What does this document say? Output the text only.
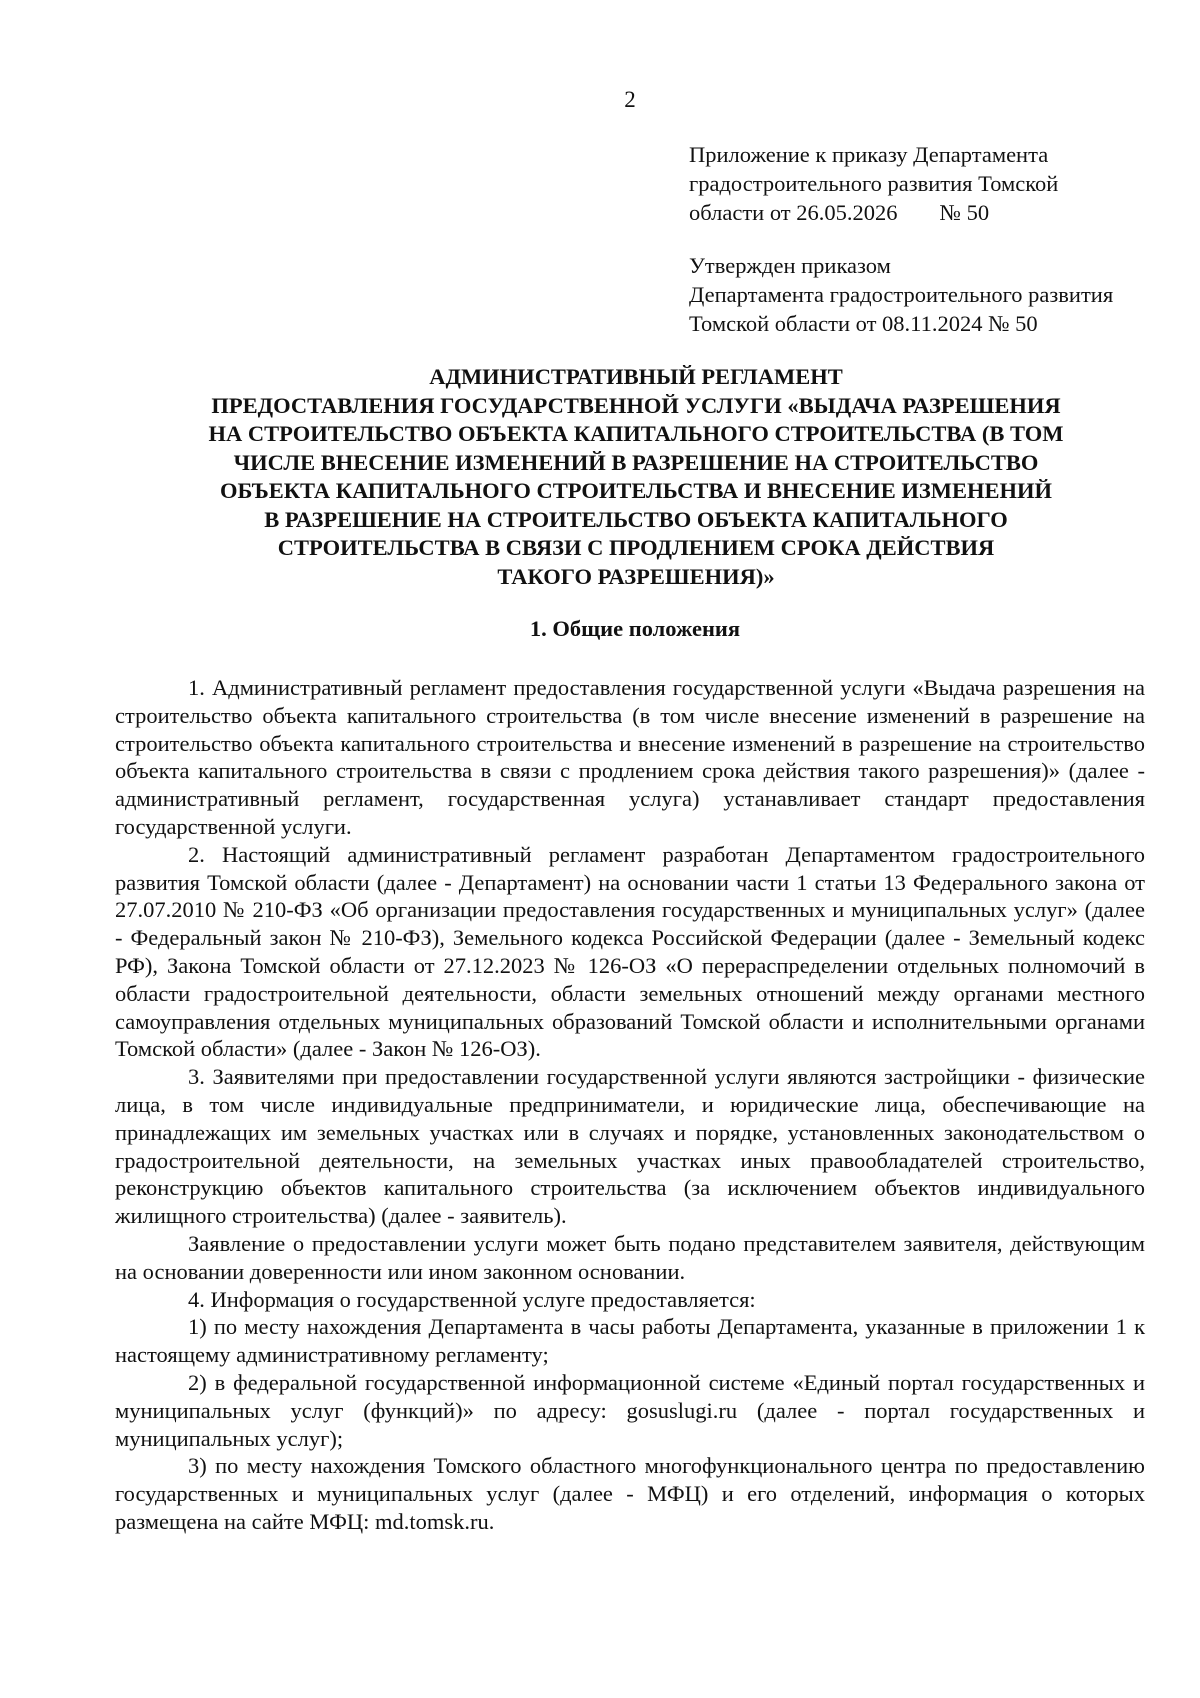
2
Приложение к приказу Департамента
градостроительного развития Томской
области от 26.05.2026 № 50
Утвержден приказом
Департамента градостроительного развития
Томской области от 08.11.2024 № 50
АДМИНИСТРАТИВНЫЙ РЕГЛАМЕНТ
ПРЕДОСТАВЛЕНИЯ ГОСУДАРСТВЕННОЙ УСЛУГИ «ВЫДАЧА РАЗРЕШЕНИЯ
НА СТРОИТЕЛЬСТВО ОБЪЕКТА КАПИТАЛЬНОГО СТРОИТЕЛЬСТВА (В ТОМ
ЧИСЛЕ ВНЕСЕНИЕ ИЗМЕНЕНИЙ В РАЗРЕШЕНИЕ НА СТРОИТЕЛЬСТВО
ОБЪЕКТА КАПИТАЛЬНОГО СТРОИТЕЛЬСТВА И ВНЕСЕНИЕ ИЗМЕНЕНИЙ
В РАЗРЕШЕНИЕ НА СТРОИТЕЛЬСТВО ОБЪЕКТА КАПИТАЛЬНОГО
СТРОИТЕЛЬСТВА В СВЯЗИ С ПРОДЛЕНИЕМ СРОКА ДЕЙСТВИЯ
ТАКОГО РАЗРЕШЕНИЯ)»
1. Общие положения

1. Административный регламент предоставления государственной услуги «Выдача разрешения на строительство объекта капитального строительства (в том числе внесение изменений в разрешение на строительство объекта капитального строительства и внесение изменений в разрешение на строительство объекта капитального строительства в связи с продлением срока действия такого разрешения)» (далее - административный регламент, государственная услуга) устанавливает стандарт предоставления государственной услуги.

2. Настоящий административный регламент разработан Департаментом градостроительного развития Томской области (далее - Департамент) на основании части 1 статьи 13 Федерального закона от 27.07.2010 № 210-ФЗ «Об организации предоставления государственных и муниципальных услуг» (далее - Федеральный закон № 210-ФЗ), Земельного кодекса Российской Федерации (далее - Земельный кодекс РФ), Закона Томской области от 27.12.2023 № 126-ОЗ «О перераспределении отдельных полномочий в области градостроительной деятельности, области земельных отношений между органами местного самоуправления отдельных муниципальных образований Томской области и исполнительными органами Томской области» (далее - Закон № 126-ОЗ).

3. Заявителями при предоставлении государственной услуги являются застройщики - физические лица, в том числе индивидуальные предприниматели, и юридические лица, обеспечивающие на принадлежащих им земельных участках или в случаях и порядке, установленных законодательством о градостроительной деятельности, на земельных участках иных правообладателей строительство, реконструкцию объектов капитального строительства (за исключением объектов индивидуального жилищного строительства) (далее - заявитель).

Заявление о предоставлении услуги может быть подано представителем заявителя, действующим на основании доверенности или ином законном основании.

4. Информация о государственной услуге предоставляется:

1) по месту нахождения Департамента в часы работы Департамента, указанные в приложении 1 к настоящему административному регламенту;

2) в федеральной государственной информационной системе «Единый портал государственных и муниципальных услуг (функций)» по адресу: gosuslugi.ru (далее - портал государственных и муниципальных услуг);

3) по месту нахождения Томского областного многофункционального центра по предоставлению государственных и муниципальных услуг (далее - МФЦ) и его отделений, информация о которых размещена на сайте МФЦ: md.tomsk.ru.
